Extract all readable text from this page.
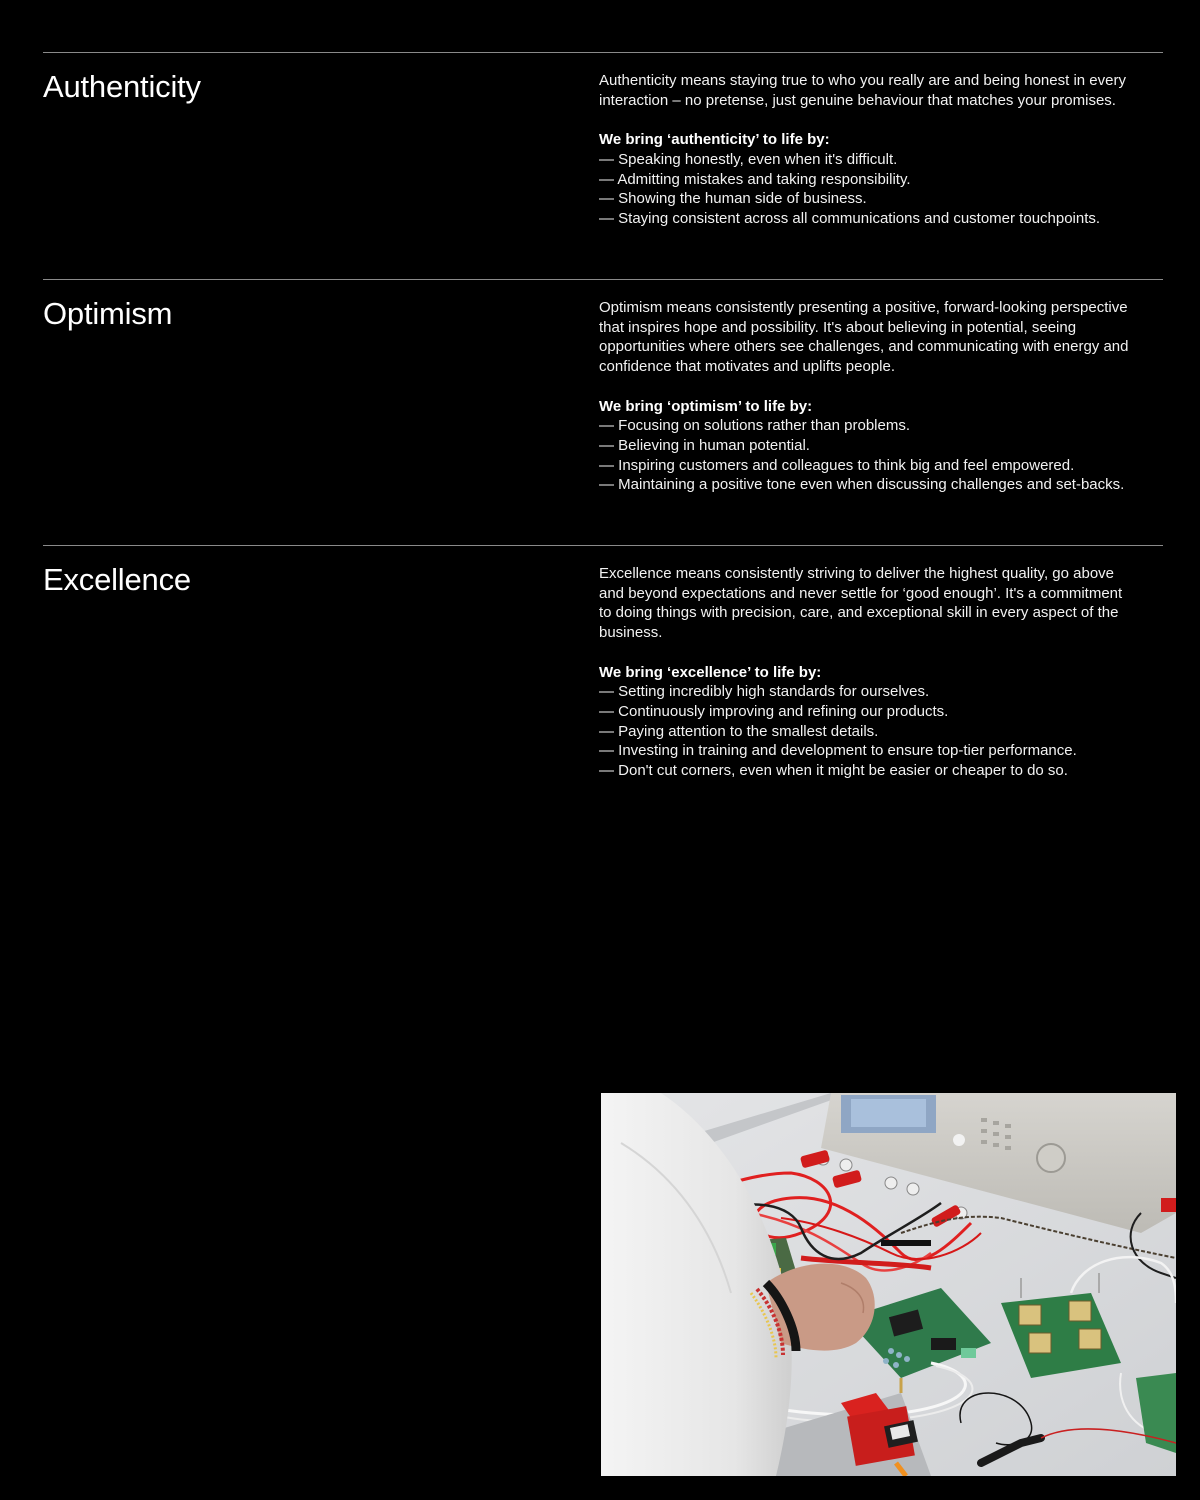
Authenticity	Authenticity means staying true to who you really are and being honest in every interaction – no pretense, just genuine behaviour that matches your promises.

We bring ‘authenticity’ to life by:

— Speaking honestly, even when it's difficult.
— Admitting mistakes and taking responsibility.
— Showing the human side of business.
— Staying consistent across all communications and customer touchpoints.
Optimism	Optimism means consistently presenting a positive, forward-looking perspective that inspires hope and possibility. It's about believing in potential, seeing opportunities where others see challenges, and communicating with energy and confidence that motivates and uplifts people.

We bring ‘optimism’ to life by:

— Focusing on solutions rather than problems.
— Believing in human potential.
— Inspiring customers and colleagues to think big and feel empowered.
— Maintaining a positive tone even when discussing challenges and set-backs.
Excellence	Excellence means consistently striving to deliver the highest quality, go above and beyond expectations and never settle for ‘good enough’. It's a commitment to doing things with precision, care, and exceptional skill in every aspect of the business.

We bring ‘excellence’ to life by:

— Setting incredibly high standards for ourselves.
— Continuously improving and refining our products.
— Paying attention to the smallest details.
— Investing in training and development to ensure top-tier performance.
— Don't cut corners, even when it might be easier or cheaper to do so.
